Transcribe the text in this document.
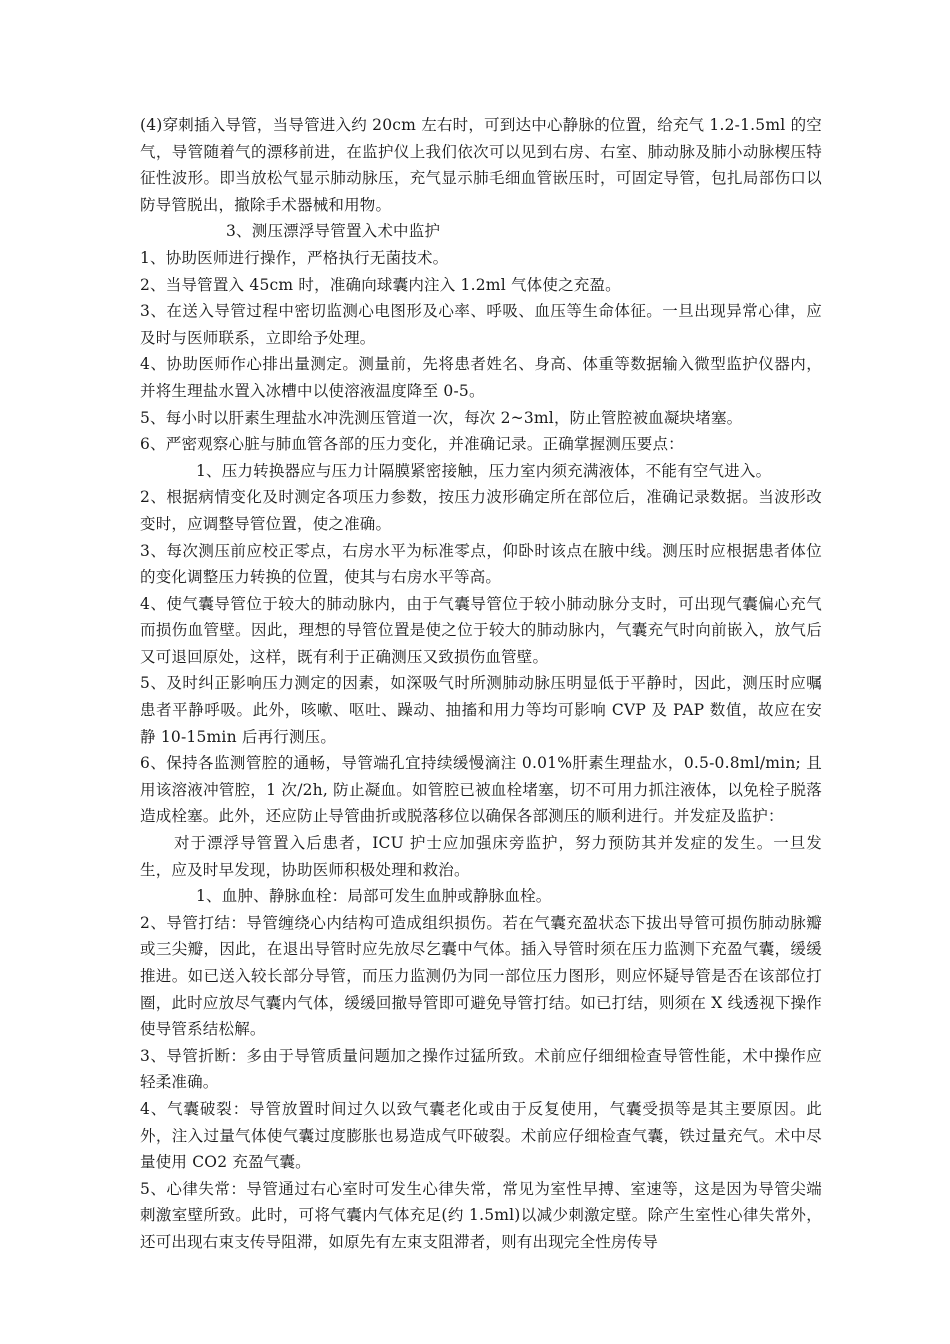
(4)穿刺插入导管，当导管进入约 20cm 左右时，可到达中心静脉的位置，给充气 1.2-1.5ml 的空气，导管随着气的漂移前进，在监护仪上我们依次可以见到右房、右室、肺动脉及肺小动脉楔压特征性波形。即当放松气显示肺动脉压，充气显示肺毛细血管嵌压时，可固定导管，包扎局部伤口以防导管脱出，撤除手术器械和用物。

3、测压漂浮导管置入术中监护

1、协助医师进行操作，严格执行无菌技术。

2、当导管置入 45cm 时，准确向球囊内注入 1.2ml 气体使之充盈。

3、在送入导管过程中密切监测心电图形及心率、呼吸、血压等生命体征。一旦出现异常心律，应及时与医师联系，立即给予处理。

4、协助医师作心排出量测定。测量前，先将患者姓名、身高、体重等数据输入微型监护仪器内，并将生理盐水置入冰槽中以使溶液温度降至 0-5。

5、每小时以肝素生理盐水冲洗测压管道一次，每次 2~3ml，防止管腔被血凝块堵塞。

6、严密观察心脏与肺血管各部的压力变化，并准确记录。正确掌握测压要点：

1、压力转换器应与压力计隔膜紧密接触，压力室内须充满液体，不能有空气进入。

2、根据病情变化及时测定各项压力参数，按压力波形确定所在部位后，准确记录数据。当波形改变时，应调整导管位置，使之准确。

3、每次测压前应校正零点，右房水平为标准零点，仰卧时该点在腋中线。测压时应根据患者体位的变化调整压力转换的位置，使其与右房水平等高。

4、使气囊导管位于较大的肺动脉内，由于气囊导管位于较小肺动脉分支时，可出现气囊偏心充气而损伤血管壁。因此，理想的导管位置是使之位于较大的肺动脉内，气囊充气时向前嵌入，放气后又可退回原处，这样，既有利于正确测压又致损伤血管壁。

5、及时纠正影响压力测定的因素，如深吸气时所测肺动脉压明显低于平静时，因此，测压时应嘱患者平静呼吸。此外，咳嗽、呕吐、躁动、抽搐和用力等均可影响 CVP 及 PAP 数值，故应在安静 10-15min 后再行测压。

6、保持各监测管腔的通畅，导管端孔宜持续缓慢滴注 0.01%肝素生理盐水，0.5-0.8ml/min; 且用该溶液冲管腔，1 次/2h, 防止凝血。如管腔已被血栓堵塞，切不可用力抓注液体，以免栓子脱落造成栓塞。此外，还应防止导管曲折或脱落移位以确保各部测压的顺利进行。并发症及监护：

对于漂浮导管置入后患者，ICU 护士应加强床旁监护，努力预防其并发症的发生。一旦发生，应及时早发现，协助医师积极处理和救治。

1、血肿、静脉血栓：局部可发生血肿或静脉血栓。

2、导管打结：导管缠绕心内结构可造成组织损伤。若在气囊充盈状态下拔出导管可损伤肺动脉瓣或三尖瓣，因此，在退出导管时应先放尽乞囊中气体。插入导管时须在压力监测下充盈气囊，缓缓推进。如已送入较长部分导管，而压力监测仍为同一部位压力图形，则应怀疑导管是否在该部位打圈，此时应放尽气囊内气体，缓缓回撤导管即可避免导管打结。如已打结，则须在 X 线透视下操作使导管系结松解。

3、导管折断：多由于导管质量问题加之操作过猛所致。术前应仔细细检查导管性能，术中操作应轻柔准确。

4、气囊破裂：导管放置时间过久以致气囊老化或由于反复使用，气囊受损等是其主要原因。此外，注入过量气体使气囊过度膨胀也易造成气吓破裂。术前应仔细检查气囊，铁过量充气。术中尽量使用 CO2 充盈气囊。

5、心律失常：导管通过右心室时可发生心律失常，常见为室性早搏、室速等，这是因为导管尖端刺激室壁所致。此时，可将气囊内气体充足(约 1.5ml)以减少刺激定壁。除产生室性心律失常外，还可出现右束支传导阻滞，如原先有左束支阻滞者，则有出现完全性房传导
